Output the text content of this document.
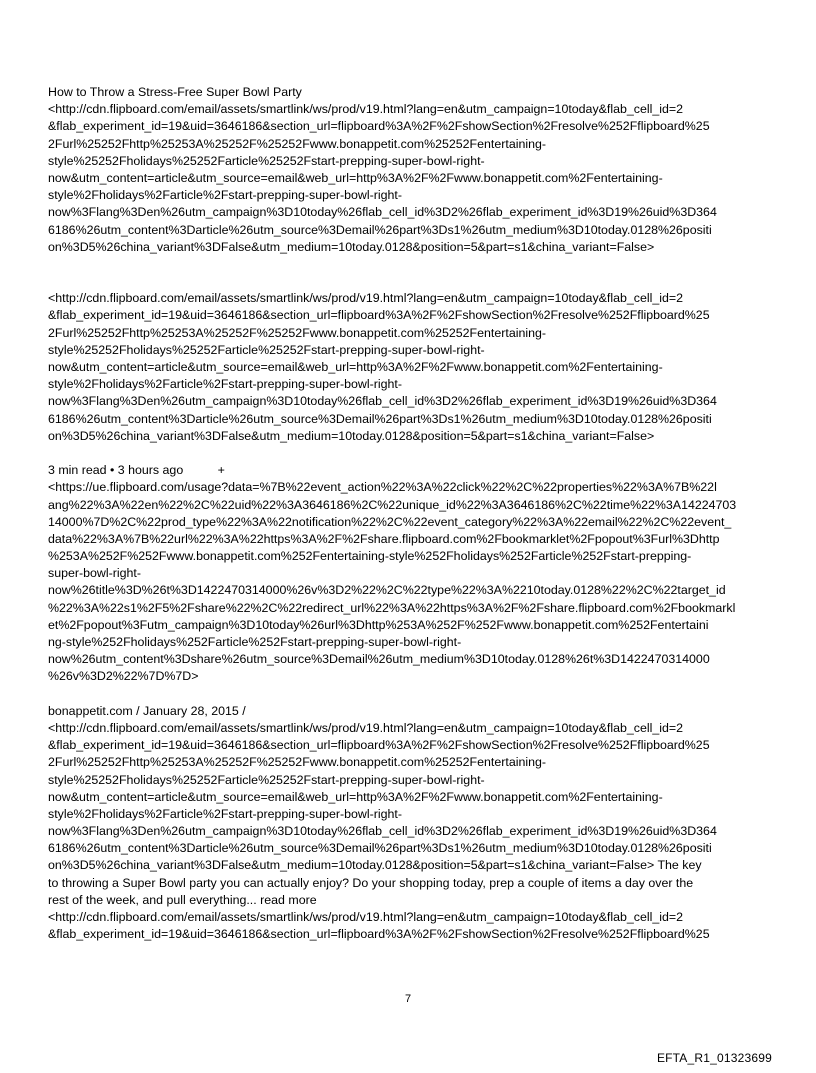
How to Throw a Stress-Free Super Bowl Party
<http://cdn.flipboard.com/email/assets/smartlink/ws/prod/v19.html?lang=en&utm_campaign=10today&flab_cell_id=2
&flab_experiment_id=19&uid=3646186&section_url=flipboard%3A%2F%2FshowSection%2Fresolve%252Fflipboard%25
2Furl%25252Fhttp%25253A%25252F%25252Fwww.bonappetit.com%25252Fentertaining-
style%25252Fholidays%25252Farticle%25252Fstart-prepping-super-bowl-right-
now&utm_content=article&utm_source=email&web_url=http%3A%2F%2Fwww.bonappetit.com%2Fentertaining-
style%2Fholidays%2Farticle%2Fstart-prepping-super-bowl-right-
now%3Flang%3Den%26utm_campaign%3D10today%26flab_cell_id%3D2%26flab_experiment_id%3D19%26uid%3D364
6186%26utm_content%3Darticle%26utm_source%3Demail%26part%3Ds1%26utm_medium%3D10today.0128%26positi
on%3D5%26china_variant%3DFalse&utm_medium=10today.0128&position=5&part=s1&china_variant=False>
<http://cdn.flipboard.com/email/assets/smartlink/ws/prod/v19.html?lang=en&utm_campaign=10today&flab_cell_id=2
&flab_experiment_id=19&uid=3646186&section_url=flipboard%3A%2F%2FshowSection%2Fresolve%252Fflipboard%25
2Furl%25252Fhttp%25253A%25252F%25252Fwww.bonappetit.com%25252Fentertaining-
style%25252Fholidays%25252Farticle%25252Fstart-prepping-super-bowl-right-
now&utm_content=article&utm_source=email&web_url=http%3A%2F%2Fwww.bonappetit.com%2Fentertaining-
style%2Fholidays%2Farticle%2Fstart-prepping-super-bowl-right-
now%3Flang%3Den%26utm_campaign%3D10today%26flab_cell_id%3D2%26flab_experiment_id%3D19%26uid%3D364
6186%26utm_content%3Darticle%26utm_source%3Demail%26part%3Ds1%26utm_medium%3D10today.0128%26positi
on%3D5%26china_variant%3DFalse&utm_medium=10today.0128&position=5&part=s1&china_variant=False>
3 min read • 3 hours ago          +
<https://ue.flipboard.com/usage?data=%7B%22event_action%22%3A%22click%22%2C%22properties%22%3A%7B%22l
ang%22%3A%22en%22%2C%22uid%22%3A3646186%2C%22unique_id%22%3A3646186%2C%22time%22%3A14224703
14000%7D%2C%22prod_type%22%3A%22notification%22%2C%22event_category%22%3A%22email%22%2C%22event_
data%22%3A%7B%22url%22%3A%22https%3A%2F%2Fshare.flipboard.com%2Fbookmarklet%2Fpopout%3Furl%3Dhttp
%253A%252F%252Fwww.bonappetit.com%252Fentertaining-style%252Fholidays%252Farticle%252Fstart-prepping-
super-bowl-right-
now%26title%3D%26t%3D1422470314000%26v%3D2%22%2C%22type%22%3A%2210today.0128%22%2C%22target_id
%22%3A%22s1%2F5%2Fshare%22%2C%22redirect_url%22%3A%22https%3A%2F%2Fshare.flipboard.com%2Fbookmarkl
et%2Fpopout%3Futm_campaign%3D10today%26url%3Dhttp%253A%252F%252Fwww.bonappetit.com%252Fentertaini
ng-style%252Fholidays%252Farticle%252Fstart-prepping-super-bowl-right-
now%26utm_content%3Dshare%26utm_source%3Demail%26utm_medium%3D10today.0128%26t%3D1422470314000
%26v%3D2%22%7D%7D>
bonappetit.com / January 28, 2015 /
<http://cdn.flipboard.com/email/assets/smartlink/ws/prod/v19.html?lang=en&utm_campaign=10today&flab_cell_id=2
&flab_experiment_id=19&uid=3646186&section_url=flipboard%3A%2F%2FshowSection%2Fresolve%252Fflipboard%25
2Furl%25252Fhttp%25253A%25252F%25252Fwww.bonappetit.com%25252Fentertaining-
style%25252Fholidays%25252Farticle%25252Fstart-prepping-super-bowl-right-
now&utm_content=article&utm_source=email&web_url=http%3A%2F%2Fwww.bonappetit.com%2Fentertaining-
style%2Fholidays%2Farticle%2Fstart-prepping-super-bowl-right-
now%3Flang%3Den%26utm_campaign%3D10today%26flab_cell_id%3D2%26flab_experiment_id%3D19%26uid%3D364
6186%26utm_content%3Darticle%26utm_source%3Demail%26part%3Ds1%26utm_medium%3D10today.0128%26positi
on%3D5%26china_variant%3DFalse&utm_medium=10today.0128&position=5&part=s1&china_variant=False> The key
to throwing a Super Bowl party you can actually enjoy? Do your shopping today, prep a couple of items a day over the
rest of the week, and pull everything... read more
<http://cdn.flipboard.com/email/assets/smartlink/ws/prod/v19.html?lang=en&utm_campaign=10today&flab_cell_id=2
&flab_experiment_id=19&uid=3646186&section_url=flipboard%3A%2F%2FshowSection%2Fresolve%252Fflipboard%25
7
EFTA_R1_01323699
